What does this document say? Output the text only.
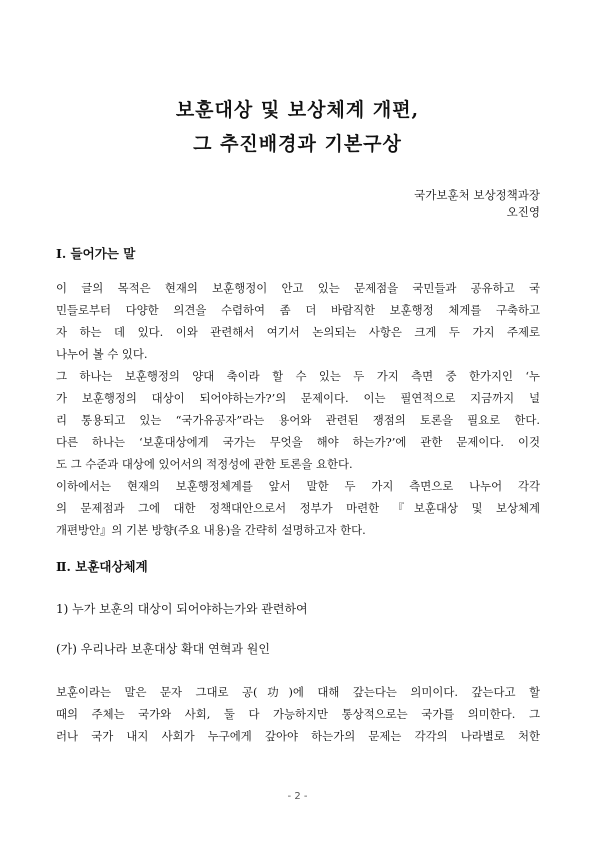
보훈대상 및 보상체계 개편,
그 추진배경과 기본구상
국가보훈처 보상정책과장
오진영
Ⅰ. 들어가는 말
이 글의 목적은 현재의 보훈행정이 안고 있는 문제점을 국민들과 공유하고 국
민들로부터 다양한 의견을 수렴하여 좀 더 바람직한 보훈행정 체계를 구축하고
자 하는 데 있다. 이와 관련해서 여기서 논의되는 사항은 크게 두 가지 주제로
나누어 볼 수 있다.
그 하나는 보훈행정의 양대 축이라 할 수 있는 두 가지 측면 중 한가지인 ‘누
가 보훈행정의 대상이 되어야하는가?’의 문제이다. 이는 필연적으로 지금까지 널
리 통용되고 있는 “국가유공자”라는 용어와 관련된 쟁점의 토론을 필요로 한다.
다른 하나는 ‘보훈대상에게 국가는 무엇을 해야 하는가?’에 관한 문제이다. 이것
도 그 수준과 대상에 있어서의 적정성에 관한 토론을 요한다.
이하에서는 현재의 보훈행정체계를 앞서 말한 두 가지 측면으로 나누어 각각
의 문제점과 그에 대한 정책대안으로서 정부가 마련한 『보훈대상 및 보상체계
개편방안』의 기본 방향(주요 내용)을 간략히 설명하고자 한다.
Ⅱ. 보훈대상체계
1) 누가 보훈의 대상이 되어야하는가와 관련하여
(가) 우리나라 보훈대상 확대 연혁과 원인
보훈이라는 말은 문자 그대로 공(功)에 대해 갚는다는 의미이다. 갚는다고 할
때의 주체는 국가와 사회, 둘 다 가능하지만 통상적으로는 국가를 의미한다. 그
러나 국가 내지 사회가 누구에게 갚아야 하는가의 문제는 각각의 나라별로 처한
- 2 -
